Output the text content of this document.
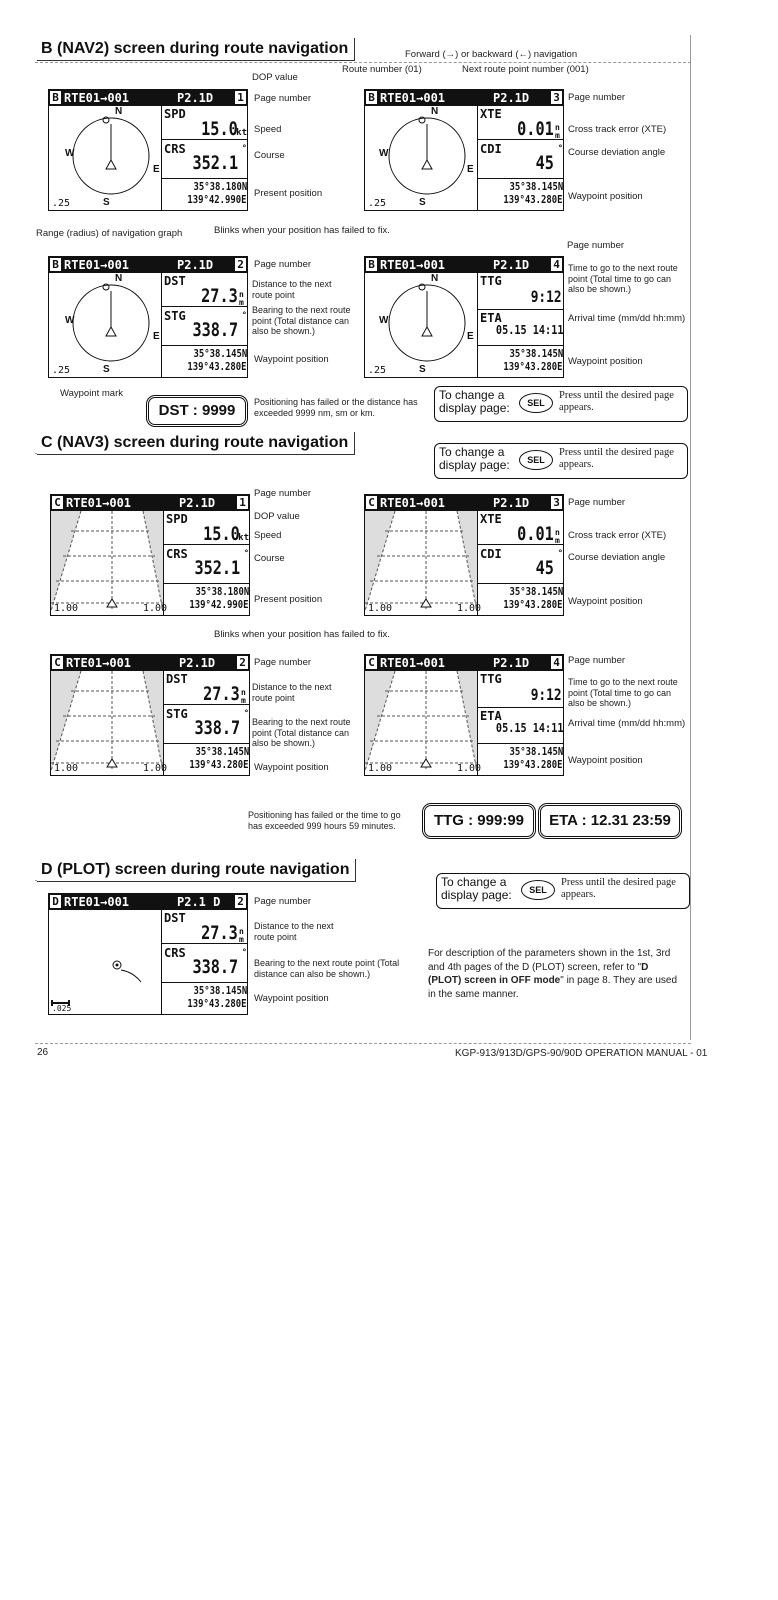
B (NAV2) screen during route navigation	Forward (→) or backward (←) navigation
Route number (01)	Next route point number (001)
DOP value
B RTE01→001	P2.1D 1
N
W
E
S
.25
SPD
15.0
kt
CRS
352.1
°
35°38.180N
139°42.990E
Page number
Speed
Course
Present position
B RTE01→001	P2.1D 3
N
W
E
S
.25
XTE
0.01 nm
CDI
45
°
35°38.145N
139°43.280E
Page number
Cross track error (XTE)
Course deviation angle
Waypoint position
Range (radius) of navigation graph	Blinks when your position has failed to fix.
Page number
B RTE01→001	P2.1D 2
N
W
E
S
.25
DST
27.3 nm
STG
338.7
°
35°38.145N
139°43.280E
Page number
Distance to the next route point
Bearing to the next route point (Total distance can also be shown.)
Waypoint position
B RTE01→001	P2.1D 4
N
W
E
S
.25
TTG
9:12
ETA
05.15 14:11
35°38.145N
139°43.280E
Time to go to the next route point (Total time to go can also be shown.)
Arrival time (mm/dd hh:mm)
Waypoint position
Waypoint mark
DST : 9999	Positioning has failed or the distance has exceeded 9999 nm, sm or km.
To change a
display page:	SEL
Press until the desired page appears.
C (NAV3) screen during route navigation
To change a
display page:	SEL
Press until the desired page appears.
Page number
DOP value
C RTE01→001	P2.1D 1
1.00	1.00
SPD
15.0
kt
CRS
352.1
°
35°38.180N
139°42.990E
Speed
Course
Present position
C RTE01→001	P2.1D 3
1.00	1.00
XTE
0.01 nm
CDI
45
°
35°38.145N
139°43.280E
Page number
Cross track error (XTE)
Course deviation angle
Waypoint position
Blinks when your position has failed to fix.
C RTE01→001	P2.1D 2
1.00	1.00
DST
27.3 nm
STG
338.7
°
35°38.145N
139°43.280E
Page number
Distance to the next route point
Bearing to the next route point (Total distance can also be shown.)
Waypoint position
C RTE01→001	P2.1D 4
1.00	1.00
TTG
9:12
ETA
05.15 14:11
35°38.145N
139°43.280E
Page number
Time to go to the next route point (Total time to go can also be shown.)
Arrival time (mm/dd hh:mm)
Waypoint position
Positioning has failed or the time to go has exceeded 999 hours 59 minutes.	TTG : 999:99	ETA : 12.31 23:59
D (PLOT) screen during route navigation
To change a
display page:	SEL
Press until the desired page appears.
D RTE01→001	P2.1 D 2
.025
DST
27.3 nm
CRS
338.7
°
35°38.145N
139°43.280E
Page number
Distance to the next route point
Bearing to the next route point (Total distance can also be shown.)
Waypoint position
For description of the parameters shown in the 1st, 3rd and 4th pages of the D (PLOT) screen, refer to "D (PLOT) screen in OFF mode" in page 8. They are used in the same manner.
26	KGP-913/913D/GPS-90/90D OPERATION MANUAL - 01
